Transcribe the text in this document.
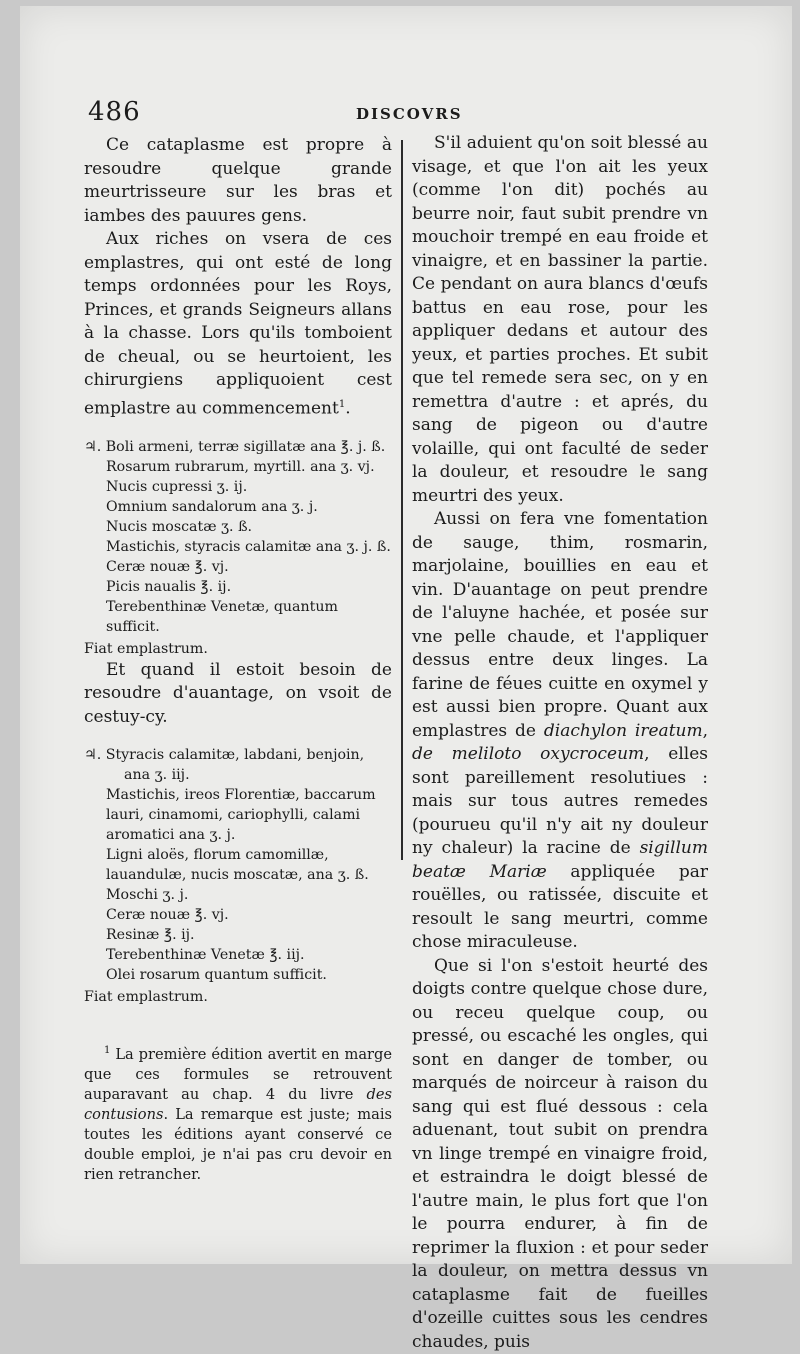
486	DISCOVRS

Ce cataplasme est propre à resoudre quelque grande meurtrisseure sur les bras et iambes des pauures gens.

Aux riches on vsera de ces emplastres, qui ont esté de long temps ordonnées pour les Roys, Princes, et grands Seigneurs allans à la chasse. Lors qu'ils tomboient de cheual, ou se heurtoient, les chirurgiens appliquoient cest emplastre au commencement$^1$.

♃. Boli armeni, terræ sigillatæ ana ℥. j. ß.
Rosarum rubrarum, myrtill. ana ʒ. vj.
Nucis cupressi ʒ. ij.
Omnium sandalorum ana ʒ. j.
Nucis moscatæ ʒ. ß.
Mastichis, styracis calamitæ ana ʒ. j. ß.
Ceræ nouæ ℥. vj.
Picis naualis ℥. ij.
Terebenthinæ Venetæ, quantum sufficit.
Fiat emplastrum.

Et quand il estoit besoin de resoudre d'auantage, on vsoit de cestuy-cy.

♃. Styracis calamitæ, labdani, benjoin,
ana ʒ. iij.
Mastichis, ireos Florentiæ, baccarum
lauri, cinamomi, cariophylli, calami
aromatici ana ʒ. j.
Ligni aloës, florum camomillæ, lauandulæ, nucis moscatæ, ana ʒ. ß.
Moschi ʒ. j.
Ceræ nouæ ℥. vj.
Resinæ ℥. ij.
Terebenthinæ Venetæ ℥. iij.
Olei rosarum quantum sufficit.
Fiat emplastrum.

$^1$ La première édition avertit en marge que ces formules se retrouvent auparavant au chap. 4 du livre des contusions. La remarque est juste; mais toutes les éditions ayant conservé ce double emploi, je n'ai pas cru devoir en rien retrancher.

S'il aduient qu'on soit blessé au visage, et que l'on ait les yeux (comme l'on dit) pochés au beurre noir, faut subit prendre vn mouchoir trempé en eau froide et vinaigre, et en bassiner la partie. Ce pendant on aura blancs d'œufs battus en eau rose, pour les appliquer dedans et autour des yeux, et parties proches. Et subit que tel remede sera sec, on y en remettra d'autre : et aprés, du sang de pigeon ou d'autre volaille, qui ont faculté de seder la douleur, et resoudre le sang meurtri des yeux.

Aussi on fera vne fomentation de sauge, thim, rosmarin, marjolaine, bouillies en eau et vin. D'auantage on peut prendre de l'aluyne hachée, et posée sur vne pelle chaude, et l'appliquer dessus entre deux linges. La farine de féues cuitte en oxymel y est aussi bien propre. Quant aux emplastres de diachylon ireatum, de meliloto oxycroceum, elles sont pareillement resolutiues : mais sur tous autres remedes (pourueu qu'il n'y ait ny douleur ny chaleur) la racine de sigillum beatæ Mariæ appliquée par rouëlles, ou ratissée, discuite et resoult le sang meurtri, comme chose miraculeuse.

Que si l'on s'estoit heurté des doigts contre quelque chose dure, ou receu quelque coup, ou pressé, ou escaché les ongles, qui sont en danger de tomber, ou marqués de noirceur à raison du sang qui est flué dessous : cela aduenant, tout subit on prendra vn linge trempé en vinaigre froid, et estraindra le doigt blessé de l'autre main, le plus fort que l'on le pourra endurer, à fin de reprimer la fluxion : et pour seder la douleur, on mettra dessus vn cataplasme fait de fueilles d'ozeille cuittes sous les cendres chaudes, puis
